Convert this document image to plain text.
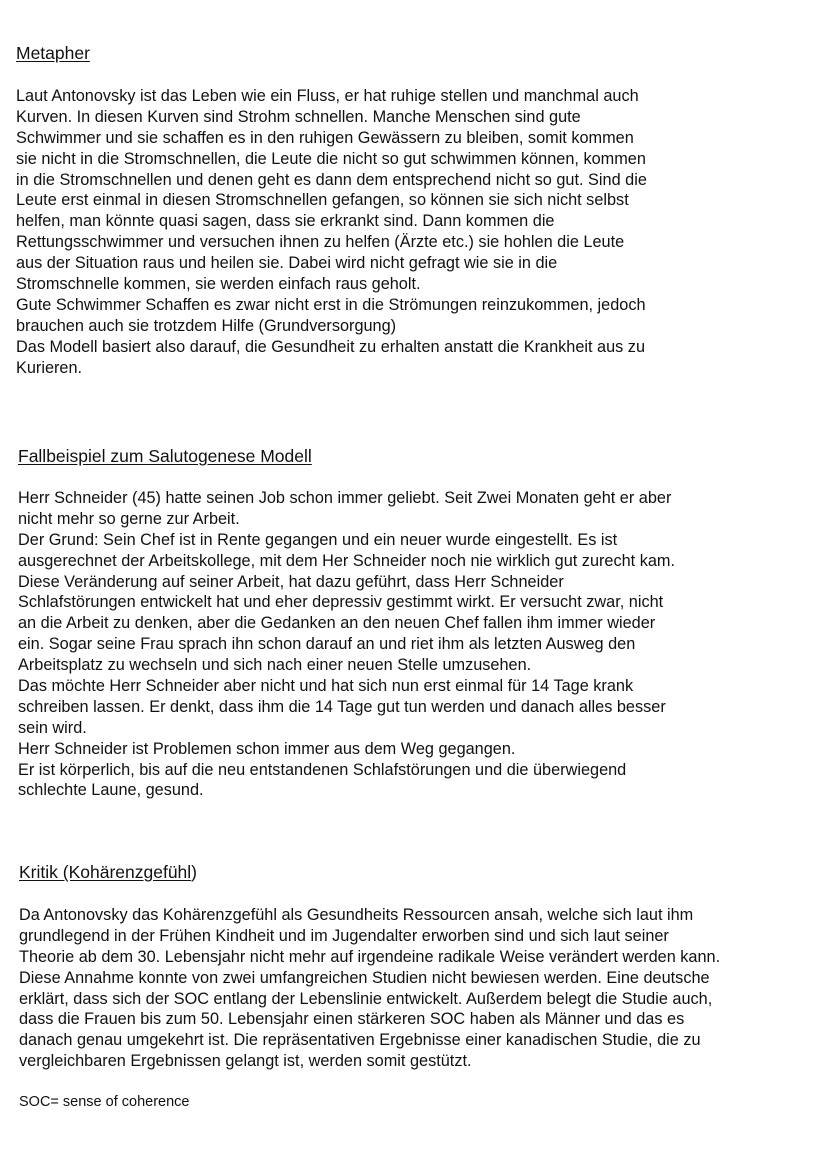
Metapher
Laut Antonovsky ist das Leben wie ein Fluss, er hat ruhige stellen und manchmal auch
Kurven. In diesen Kurven sind Strohm schnellen. Manche Menschen sind gute
Schwimmer und sie schaffen es in den ruhigen Gewässern zu bleiben, somit kommen
sie nicht in die Stromschnellen, die Leute die nicht so gut schwimmen können, kommen
in die Stromschnellen und denen geht es dann dem entsprechend nicht so gut. Sind die
Leute erst einmal in diesen Stromschnellen gefangen, so können sie sich nicht selbst
helfen, man könnte quasi sagen, dass sie erkrankt sind. Dann kommen die
Rettungsschwimmer und versuchen ihnen zu helfen (Ärzte etc.) sie hohlen die Leute
aus der Situation raus und heilen sie. Dabei wird nicht gefragt wie sie in die
Stromschnelle kommen, sie werden einfach raus geholt.
Gute Schwimmer Schaffen es zwar nicht erst in die Strömungen reinzukommen, jedoch
brauchen auch sie trotzdem Hilfe (Grundversorgung)
Das Modell basiert also darauf, die Gesundheit zu erhalten anstatt die Krankheit aus zu
Kurieren.
Fallbeispiel zum Salutogenese Modell
Herr Schneider (45) hatte seinen Job schon immer geliebt. Seit Zwei Monaten geht er aber
nicht mehr so gerne zur Arbeit.
Der Grund: Sein Chef ist in Rente gegangen und ein neuer wurde eingestellt. Es ist
ausgerechnet der Arbeitskollege, mit dem Her Schneider noch nie wirklich gut zurecht kam.
Diese Veränderung auf seiner Arbeit, hat dazu geführt, dass Herr Schneider
Schlafstörungen entwickelt hat und eher depressiv gestimmt wirkt. Er versucht zwar, nicht
an die Arbeit zu denken, aber die Gedanken an den neuen Chef fallen ihm immer wieder
ein. Sogar seine Frau sprach ihn schon darauf an und riet ihm als letzten Ausweg den
Arbeitsplatz zu wechseln und sich nach einer neuen Stelle umzusehen.
Das möchte Herr Schneider aber nicht und hat sich nun erst einmal für 14 Tage krank
schreiben lassen. Er denkt, dass ihm die 14 Tage gut tun werden und danach alles besser
sein wird.
Herr Schneider ist Problemen schon immer aus dem Weg gegangen.
Er ist körperlich, bis auf die neu entstandenen Schlafstörungen und die überwiegend
schlechte Laune, gesund.
Kritik (Kohärenzgefühl)
Da Antonovsky das Kohärenzgefühl als Gesundheits Ressourcen ansah, welche sich laut ihm
grundlegend in der Frühen Kindheit und im Jugendalter erworben sind und sich laut seiner
Theorie ab dem 30. Lebensjahr nicht mehr auf irgendeine radikale Weise verändert werden kann.
Diese Annahme konnte von zwei umfangreichen Studien nicht bewiesen werden. Eine deutsche
erklärt, dass sich der SOC entlang der Lebenslinie entwickelt. Außerdem belegt die Studie auch,
dass die Frauen bis zum 50. Lebensjahr einen stärkeren SOC haben als Männer und das es
danach genau umgekehrt ist. Die repräsentativen Ergebnisse einer kanadischen Studie, die zu
vergleichbaren Ergebnissen gelangt ist, werden somit gestützt.

SOC= sense of coherence
